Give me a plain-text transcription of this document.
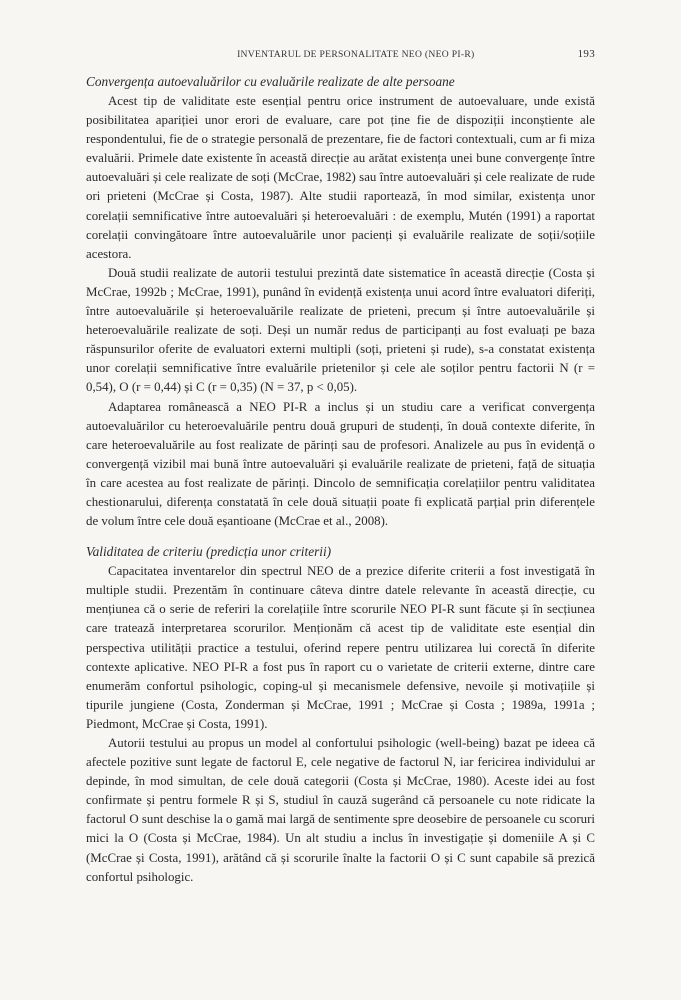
INVENTARUL DE PERSONALITATE NEO (NEO PI-R)	193
Convergența autoevaluărilor cu evaluările realizate de alte persoane

Acest tip de validitate este esențial pentru orice instrument de autoevaluare, unde există posibilitatea apariției unor erori de evaluare, care pot ține fie de dispoziții inconștiente ale respondentului, fie de o strategie personală de prezentare, fie de factori contextuali, cum ar fi miza evaluării. Primele date existente în această direcție au arătat existența unei bune convergențe între autoevaluări și cele realizate de soți (McCrae, 1982) sau între autoevaluări și cele realizate de rude ori prieteni (McCrae și Costa, 1987). Alte studii raportează, în mod similar, existența unor corelații semnificative între autoevaluări și heteroevaluări : de exemplu, Mutén (1991) a raportat corelații convingătoare între autoevaluările unor pacienți și evaluările realizate de soții/soțiile acestora.

Două studii realizate de autorii testului prezintă date sistematice în această direcție (Costa și McCrae, 1992b ; McCrae, 1991), punând în evidență existența unui acord între evaluatori diferiți, între autoevaluările și heteroevaluările realizate de prieteni, precum și între autoevaluările și heteroevaluările realizate de soți. Deși un număr redus de participanți au fost evaluați pe baza răspunsurilor oferite de evaluatori externi multipli (soți, prieteni și rude), s-a constatat existența unor corelații semnificative între evaluările prietenilor și cele ale soților pentru factorii N (r = 0,54), O (r = 0,44) și C (r = 0,35) (N = 37, p < 0,05).

Adaptarea românească a NEO PI-R a inclus și un studiu care a verificat convergența autoevaluărilor cu heteroevaluările pentru două grupuri de studenți, în două contexte diferite, în care heteroevaluările au fost realizate de părinți sau de profesori. Analizele au pus în evidență o convergență vizibil mai bună între autoevaluări și evaluările realizate de prieteni, față de situația în care acestea au fost realizate de părinți. Dincolo de semnificația corelațiilor pentru validitatea chestionarului, diferența constatată în cele două situații poate fi explicată parțial prin diferențele de volum între cele două eșantioane (McCrae et al., 2008).

Validitatea de criteriu (predicția unor criterii)

Capacitatea inventarelor din spectrul NEO de a prezice diferite criterii a fost investigată în multiple studii. Prezentăm în continuare câteva dintre datele relevante în această direcție, cu mențiunea că o serie de referiri la corelațiile între scorurile NEO PI-R sunt făcute și în secțiunea care tratează interpretarea scorurilor. Menționăm că acest tip de validitate este esențial din perspectiva utilității practice a testului, oferind repere pentru utilizarea lui corectă în diferite contexte aplicative. NEO PI-R a fost pus în raport cu o varietate de criterii externe, dintre care enumerăm confortul psihologic, coping-ul și mecanismele defensive, nevoile și motivațiile și tipurile jungiene (Costa, Zonderman și McCrae, 1991 ; McCrae și Costa ; 1989a, 1991a ; Piedmont, McCrae și Costa, 1991).

Autorii testului au propus un model al confortului psihologic (well-being) bazat pe ideea că afectele pozitive sunt legate de factorul E, cele negative de factorul N, iar fericirea individului ar depinde, în mod simultan, de cele două categorii (Costa și McCrae, 1980). Aceste idei au fost confirmate și pentru formele R și S, studiul în cauză sugerând că persoanele cu note ridicate la factorul O sunt deschise la o gamă mai largă de sentimente spre deosebire de persoanele cu scoruri mici la O (Costa și McCrae, 1984). Un alt studiu a inclus în investigație și domeniile A și C (McCrae și Costa, 1991), arătând că și scorurile înalte la factorii O și C sunt capabile să prezică confortul psihologic.
